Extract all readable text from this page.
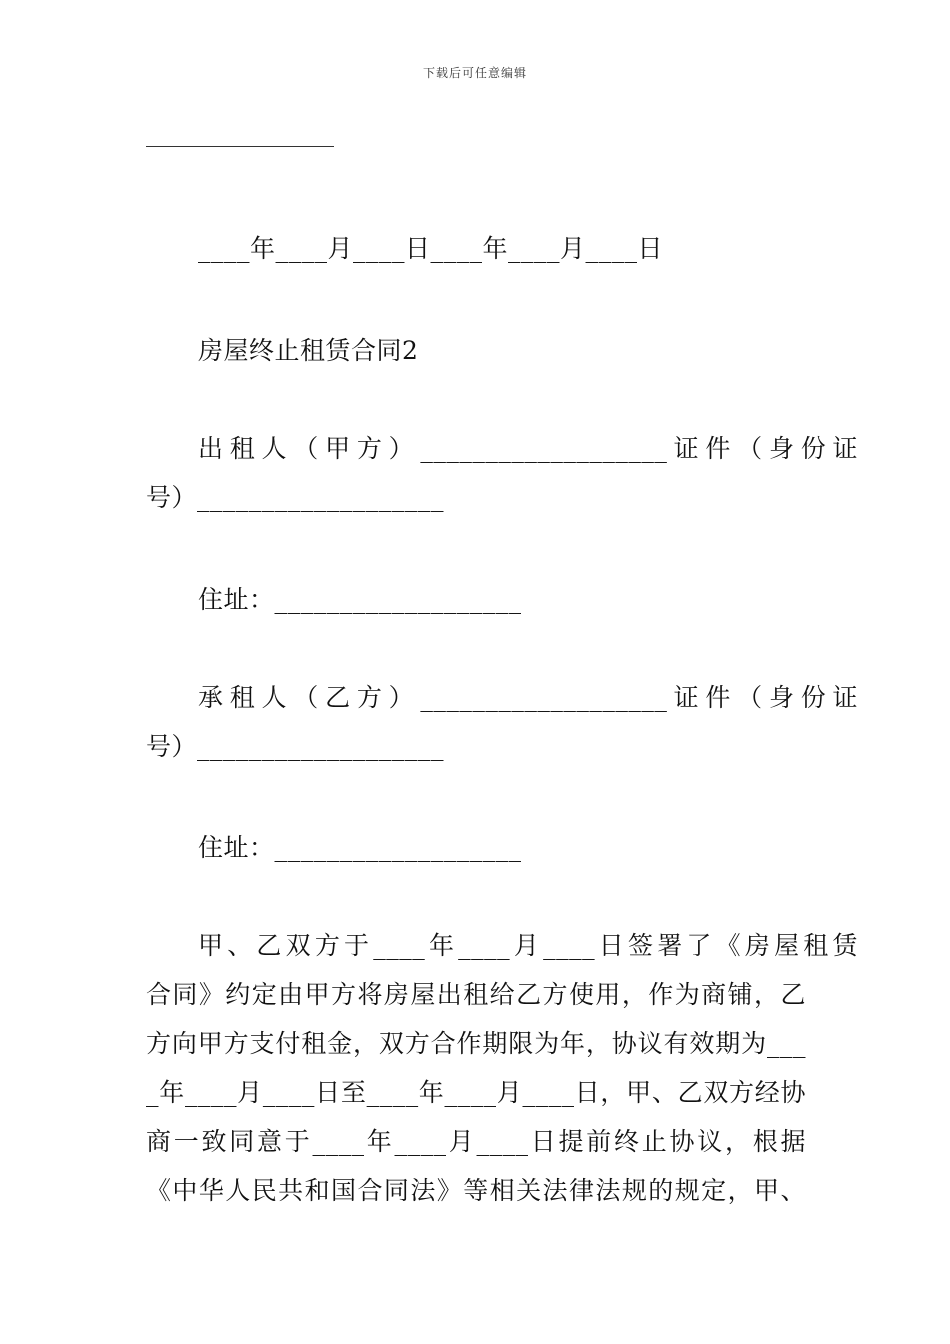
下载后可任意编辑
____年____月____日____年____月____日
房屋终止租赁合同2
出租人（甲方）___________________证件（身份证
号）___________________
住址：___________________
承租人（乙方）___________________证件（身份证
号）___________________
住址：___________________
甲、乙双方于____年____月____日签署了《房屋租赁
合同》约定由甲方将房屋出租给乙方使用，作为商铺，乙
方向甲方支付租金，双方合作期限为年，协议有效期为___
_年____月____日至____年____月____日，甲、乙双方经协
商一致同意于____年____月____日提前终止协议，根据
《中华人民共和国合同法》等相关法律法规的规定，甲、
